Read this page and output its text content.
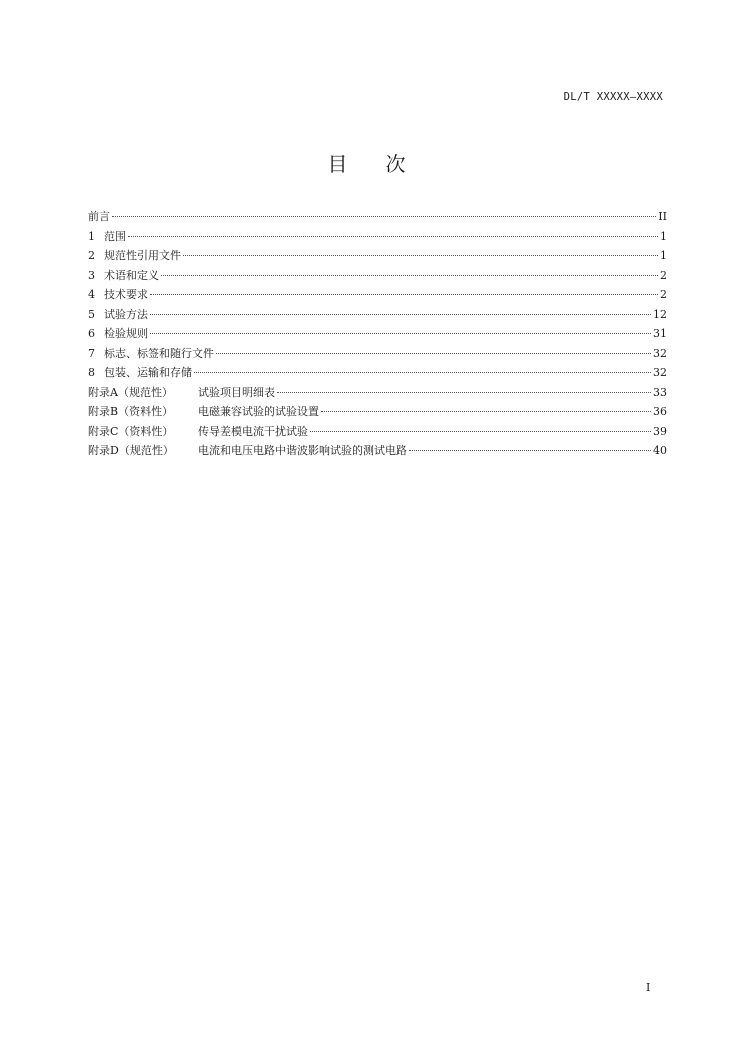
DL/T XXXXX—XXXX
目次
前言	II
1 范围	1
2 规范性引用文件	1
3 术语和定义	2
4 技术要求	2
5 试验方法	12
6 检验规则	31
7 标志、标签和随行文件	32
8 包装、运输和存储	32
附录A（规范性）	试验项目明细表	33
附录B（资料性）	电磁兼容试验的试验设置	36
附录C（资料性）	传导差模电流干扰试验	39
附录D（规范性）	电流和电压电路中谐波影响试验的测试电路	40
I
